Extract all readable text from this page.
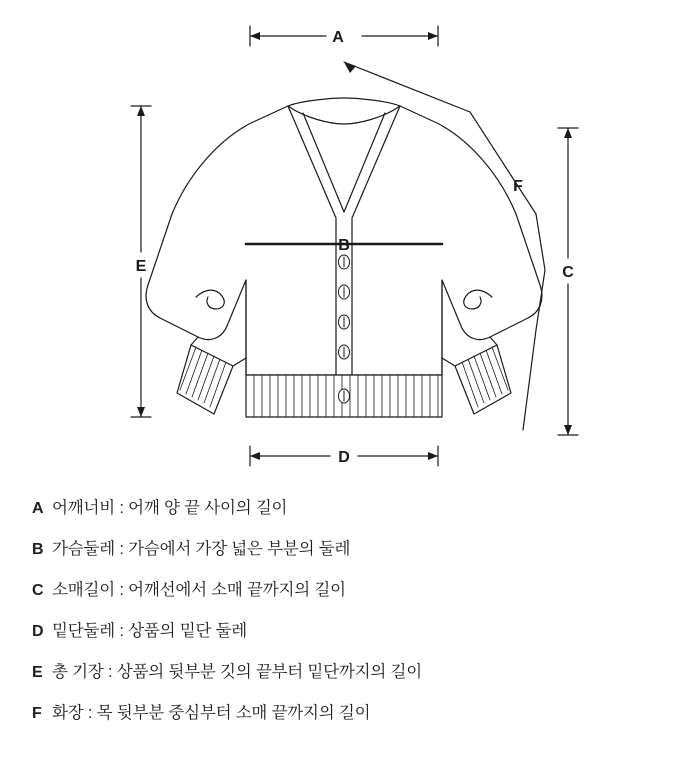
A
B
C
D
E
F
A 어깨너비 : 어깨 양 끝 사이의 길이
B 가슴둘레 : 가슴에서 가장 넓은 부분의 둘레
C 소매길이 : 어깨선에서 소매 끝까지의 길이
D 밑단둘레 : 상품의 밑단 둘레
E 총 기장 : 상품의 뒷부분 깃의 끝부터 밑단까지의 길이
F 화장 : 목 뒷부분 중심부터 소매 끝까지의 길이
